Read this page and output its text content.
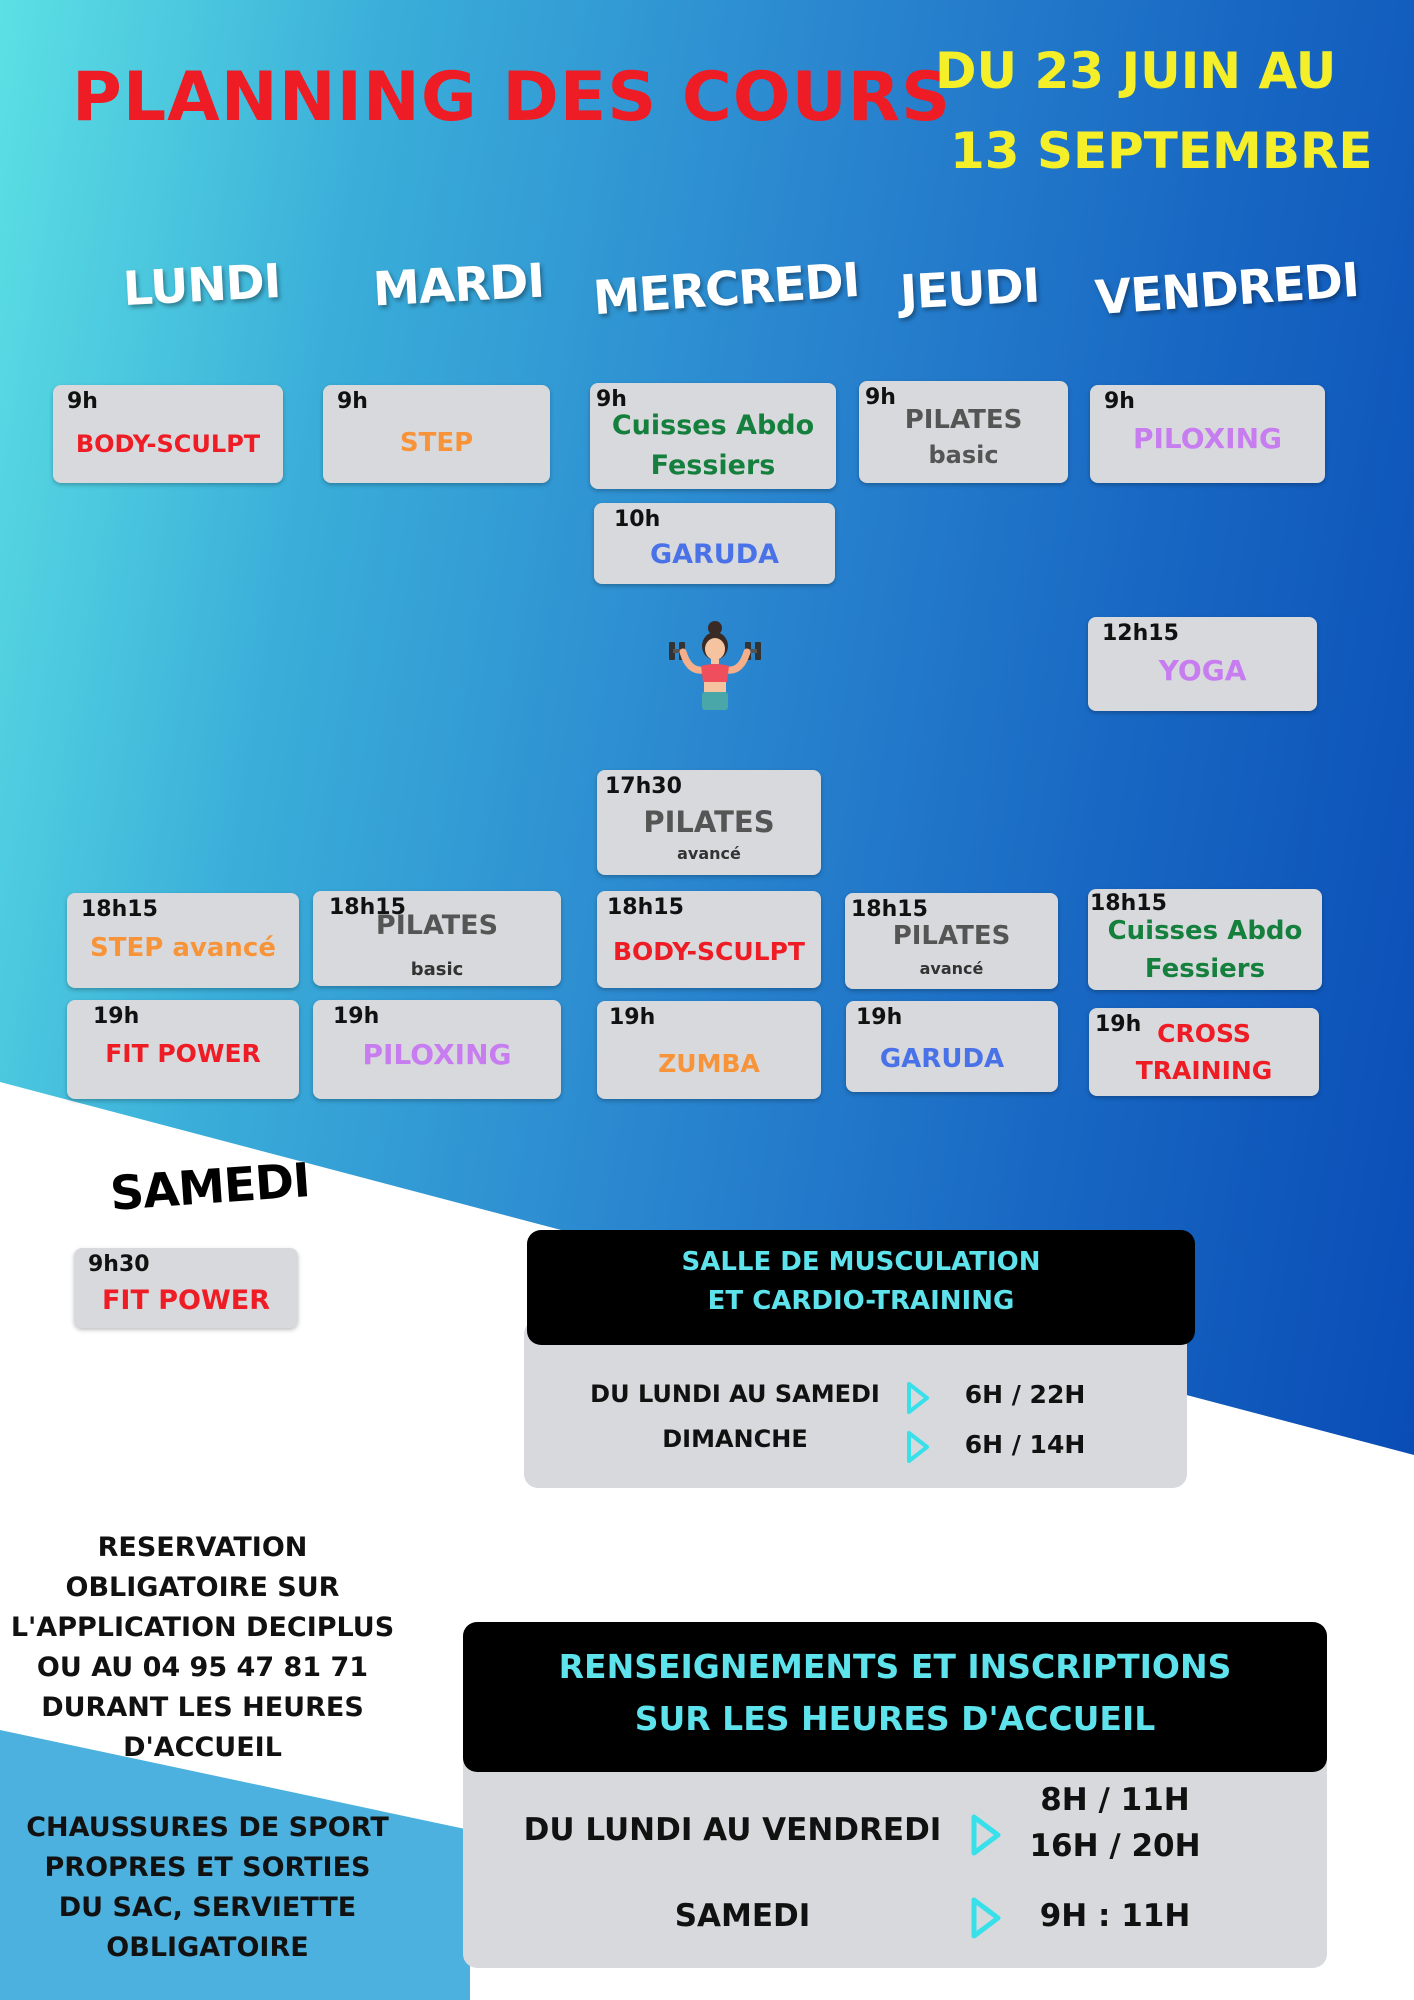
PLANNING DES COURS
DU 23 JUIN AU
13 SEPTEMBRE
LUNDI MARDI MERCREDI JEUDI VENDREDI
SAMEDI
9h
BODY-SCULPT
9h
STEP
9h
Cuisses Abdo
Fessiers
9h
PILATES
basic
9h
PILOXING
10h
GARUDA
12h15
YOGA
17h30
PILATES
avancé
18h15
STEP avancé
18h15
PILATES
basic
18h15
BODY-SCULPT
18h15
PILATES
avancé
18h15
Cuisses Abdo
Fessiers
19h
FIT POWER
19h
PILOXING
19h
ZUMBA
19h
GARUDA
19h CROSS
TRAINING
9h30
FIT POWER
SALLE DE MUSCULATION
ET CARDIO-TRAINING
DU LUNDI AU SAMEDI	6H / 22H
DIMANCHE	6H / 14H
RESERVATION
OBLIGATOIRE SUR
L'APPLICATION DECIPLUS
OU AU 04 95 47 81 71
DURANT LES HEURES
D'ACCUEIL
CHAUSSURES DE SPORT
PROPRES ET SORTIES
DU SAC, SERVIETTE
OBLIGATOIRE
RENSEIGNEMENTS ET INSCRIPTIONS
SUR LES HEURES D'ACCUEIL
DU LUNDI AU VENDREDI
8H / 11H
16H / 20H
SAMEDI	9H : 11H
